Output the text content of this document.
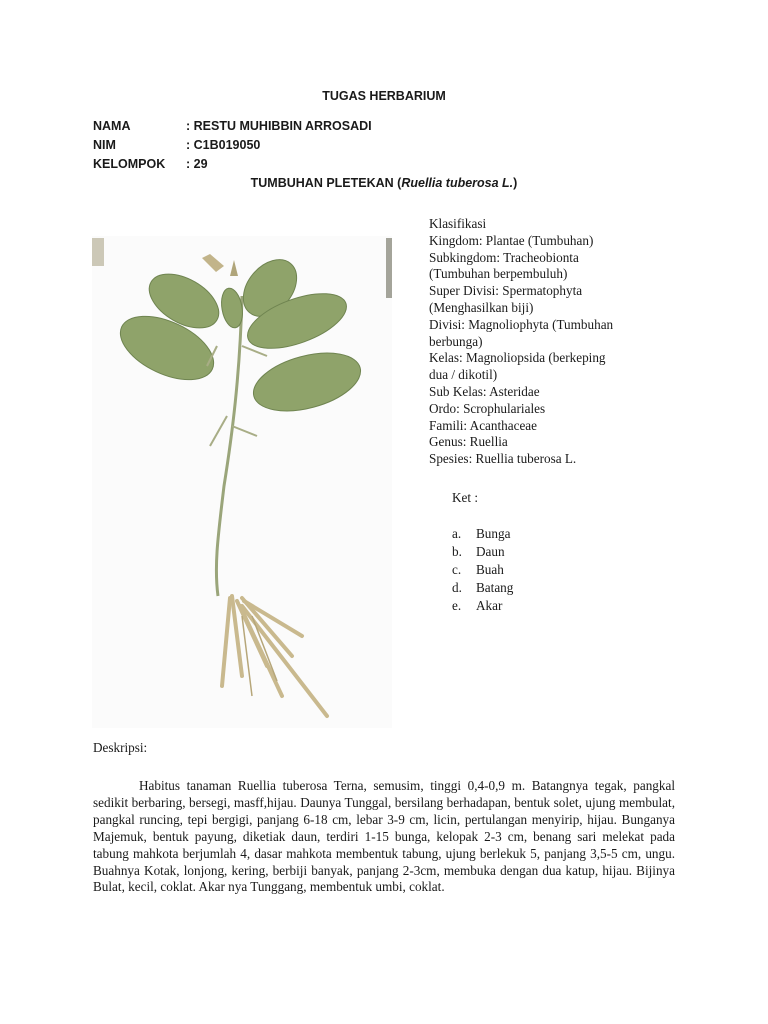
TUGAS HERBARIUM
NAMA	: RESTU MUHIBBIN ARROSADI
NIM	: C1B019050
KELOMPOK : 29
TUMBUHAN PLETEKAN (Ruellia tuberosa L.)
Klasifikasi
Kingdom: Plantae (Tumbuhan)
Subkingdom: Tracheobionta
(Tumbuhan berpembuluh)
Super Divisi: Spermatophyta
(Menghasilkan biji)
Divisi: Magnoliophyta (Tumbuhan
berbunga)
Kelas: Magnoliopsida (berkeping
dua / dikotil)
Sub Kelas: Asteridae
Ordo: Scrophulariales
Famili: Acanthaceae
Genus: Ruellia
Spesies: Ruellia tuberosa L.
Ket :
a. Bunga
b. Daun
c. Buah
d. Batang
e. Akar
Deskripsi:
Habitus tanaman Ruellia tuberosa Terna, semusim, tinggi 0,4-0,9 m. Batangnya tegak, pangkal sedikit berbaring, bersegi, masff,hijau. Daunya Tunggal, bersilang berhadapan, bentuk solet, ujung membulat, pangkal runcing, tepi bergigi, panjang 6-18 cm, lebar 3-9 cm, licin, pertulangan menyirip, hijau. Bunganya Majemuk, bentuk payung, diketiak daun, terdiri 1-15 bunga, kelopak 2-3 cm, benang sari melekat pada tabung mahkota berjumlah 4, dasar mahkota membentuk tabung, ujung berlekuk 5, panjang 3,5-5 cm, ungu. Buahnya Kotak, lonjong, kering, berbiji banyak, panjang 2-3cm, membuka dengan dua katup, hijau. Bijinya Bulat, kecil, coklat. Akar nya Tunggang, membentuk umbi, coklat.
